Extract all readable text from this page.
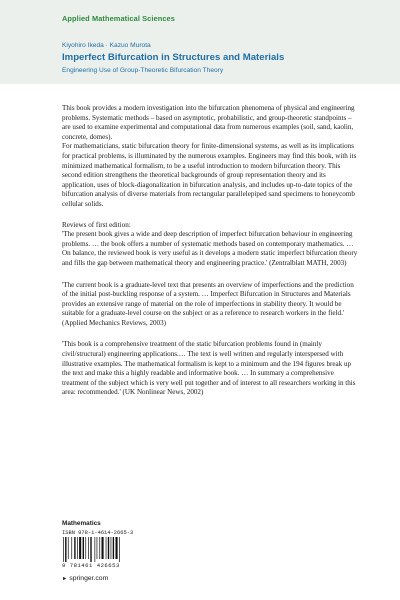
Applied Mathematical Sciences
Kiyohiro Ikeda · Kazuo Murota
Imperfect Bifurcation in Structures and Materials
Engineering Use of Group-Theoretic Bifurcation Theory

This book provides a modern investigation into the bifurcation phenomena of physical and engineering problems. Systematic methods – based on asymptotic, probabilistic, and group-theoretic standpoints – are used to examine experimental and computational data from numerous examples (soil, sand, kaolin, concrete, domes).

For mathematicians, static bifurcation theory for finite-dimensional systems, as well as its implications for practical problems, is illuminated by the numerous examples. Engineers may find this book, with its minimized mathematical formalism, to be a useful introduction to modern bifurcation theory. This second edition strengthens the theoretical backgrounds of group representation theory and its application, uses of block-diagonalization in bifurcation analysis, and includes up-to-date topics of the bifurcation analysis of diverse materials from rectangular parallelepiped sand specimens to honeycomb cellular solids.

Reviews of first edition:

'The present book gives a wide and deep description of imperfect bifurcation behaviour in engineering problems. … the book offers a number of systematic methods based on contemporary mathematics. … On balance, the reviewed book is very useful as it develops a modern static imperfect bifurcation theory and fills the gap between mathematical theory and engineering practice.' (Zentralblatt MATH, 2003)

'The current book is a graduate-level text that presents an overview of imperfections and the prediction of the initial post-buckling response of a system. … Imperfect Bifurcation in Structures and Materials provides an extensive range of material on the role of imperfections in stability theory. It would be suitable for a graduate-level course on the subject or as a reference to research workers in the field.' (Applied Mechanics Reviews, 2003)

'This book is a comprehensive treatment of the static bifurcation problems found in (mainly civil/structural) engineering applications.… The text is well written and regularly interspersed with illustrative examples. The mathematical formalism is kept to a minimum and the 194 figures break up the text and make this a highly readable and informative book. … In summary a comprehensive treatment of the subject which is very well put together and of interest to all researchers working in this area: recommended.' (UK Nonlinear News, 2002)

Mathematics
ISBN 978-1-4614-2665-3
9 781461 426653
► springer.com
